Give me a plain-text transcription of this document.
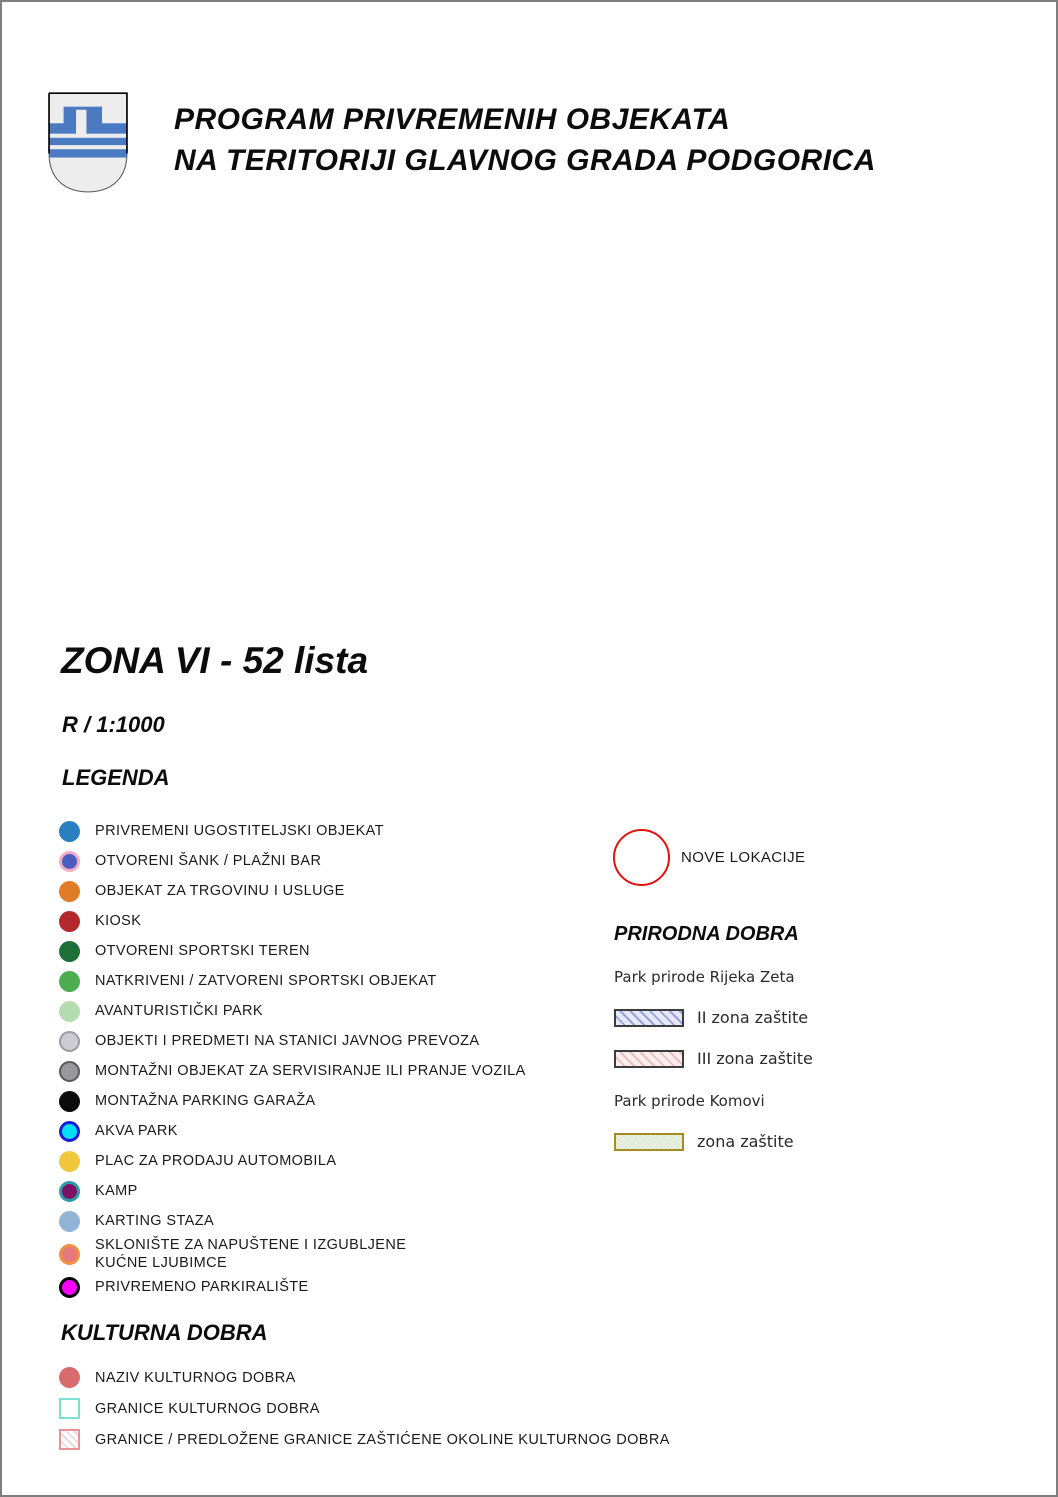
PROGRAM PRIVREMENIH OBJEKATA
NA TERITORIJI GLAVNOG GRADA PODGORICA
ZONA VI - 52 lista
R / 1:1000
LEGENDA
PRIVREMENI UGOSTITELJSKI OBJEKAT
OTVORENI ŠANK / PLAŽNI BAR
OBJEKAT ZA TRGOVINU I USLUGE
KIOSK
OTVORENI SPORTSKI TEREN
NATKRIVENI / ZATVORENI SPORTSKI OBJEKAT
AVANTURISTIČKI PARK
OBJEKTI I PREDMETI NA STANICI JAVNOG PREVOZA
MONTAŽNI OBJEKAT ZA SERVISIRANJE ILI PRANJE VOZILA
MONTAŽNA PARKING GARAŽA
AKVA PARK
PLAC ZA PRODAJU AUTOMOBILA
KAMP
KARTING STAZA
SKLONIŠTE ZA NAPUŠTENE I IZGUBLJENE
KUĆNE LJUBIMCE
PRIVREMENO PARKIRALIŠTE
NOVE LOKACIJE
PRIRODNA DOBRA
Park prirode Rijeka Zeta
II zona zaštite
III zona zaštite
Park prirode Komovi
zona zaštite
KULTURNA DOBRA
NAZIV KULTURNOG DOBRA
GRANICE KULTURNOG DOBRA
GRANICE / PREDLOŽENE GRANICE ZAŠTIĆENE OKOLINE KULTURNOG DOBRA
